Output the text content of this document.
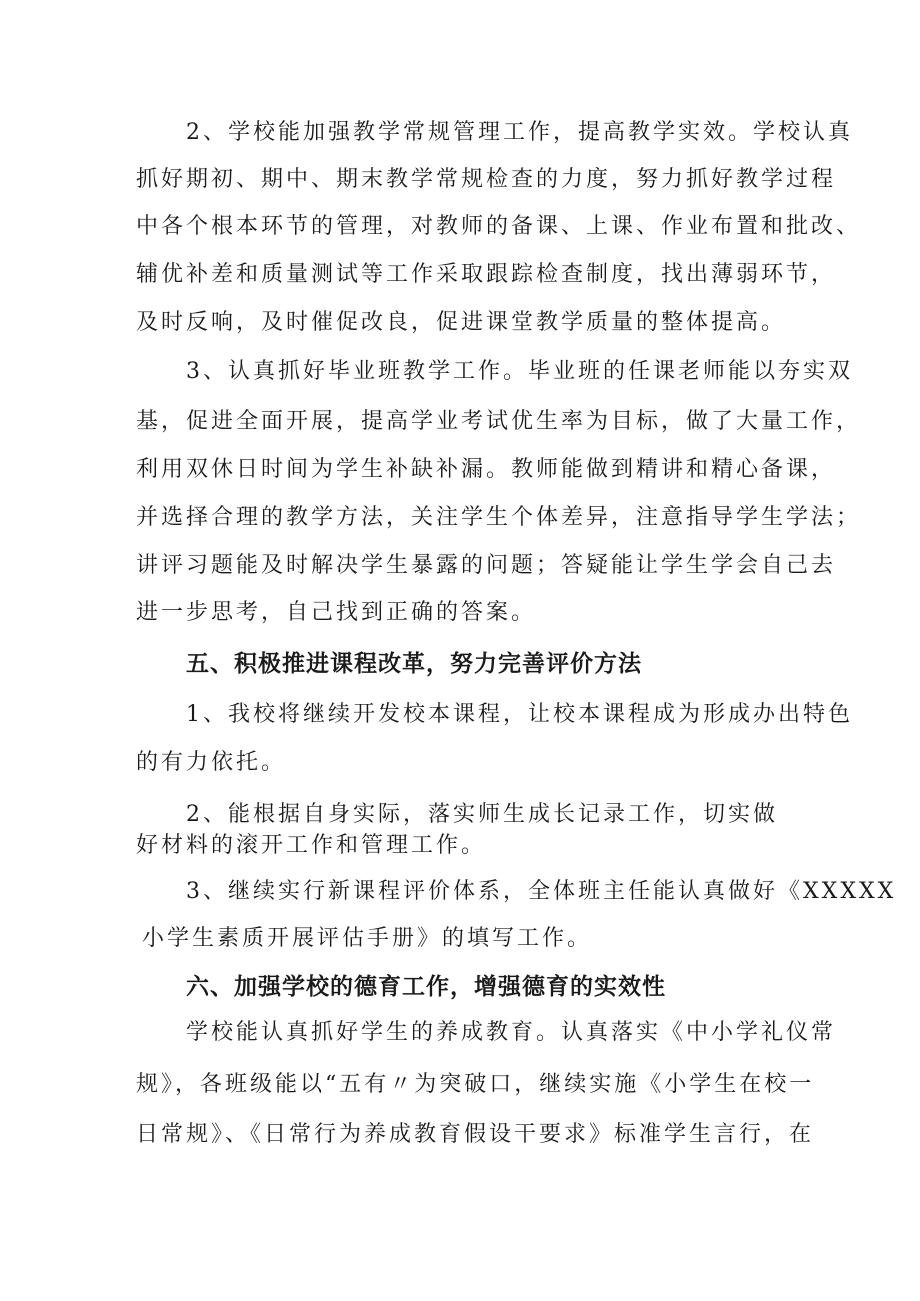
2、学校能加强教学常规管理工作，提高教学实效。学校认真
抓好期初、期中、期末教学常规检查的力度，努力抓好教学过程
中各个根本环节的管理，对教师的备课、上课、作业布置和批改、
辅优补差和质量测试等工作采取跟踪检查制度，找出薄弱环节，
及时反响，及时催促改良，促进课堂教学质量的整体提高。
3、认真抓好毕业班教学工作。毕业班的任课老师能以夯实双
基，促进全面开展，提高学业考试优生率为目标，做了大量工作，
利用双休日时间为学生补缺补漏。教师能做到精讲和精心备课，
并选择合理的教学方法，关注学生个体差异，注意指导学生学法；
讲评习题能及时解决学生暴露的问题；答疑能让学生学会自己去
进一步思考，自己找到正确的答案。
五、积极推进课程改革，努力完善评价方法
1、我校将继续开发校本课程，让校本课程成为形成办出特色
的有力依托。
2、能根据自身实际，落实师生成长记录工作，切实做
好材料的滚开工作和管理工作。
3、继续实行新课程评价体系，全体班主任能认真做好《XXXXX
小学生素质开展评估手册》的填写工作。
六、加强学校的德育工作，增强德育的实效性
学校能认真抓好学生的养成教育。认真落实《中小学礼仪常
规》，各班级能以“五有〃为突破口，继续实施《小学生在校一
日常规》、《日常行为养成教育假设干要求》标准学生言行，在
